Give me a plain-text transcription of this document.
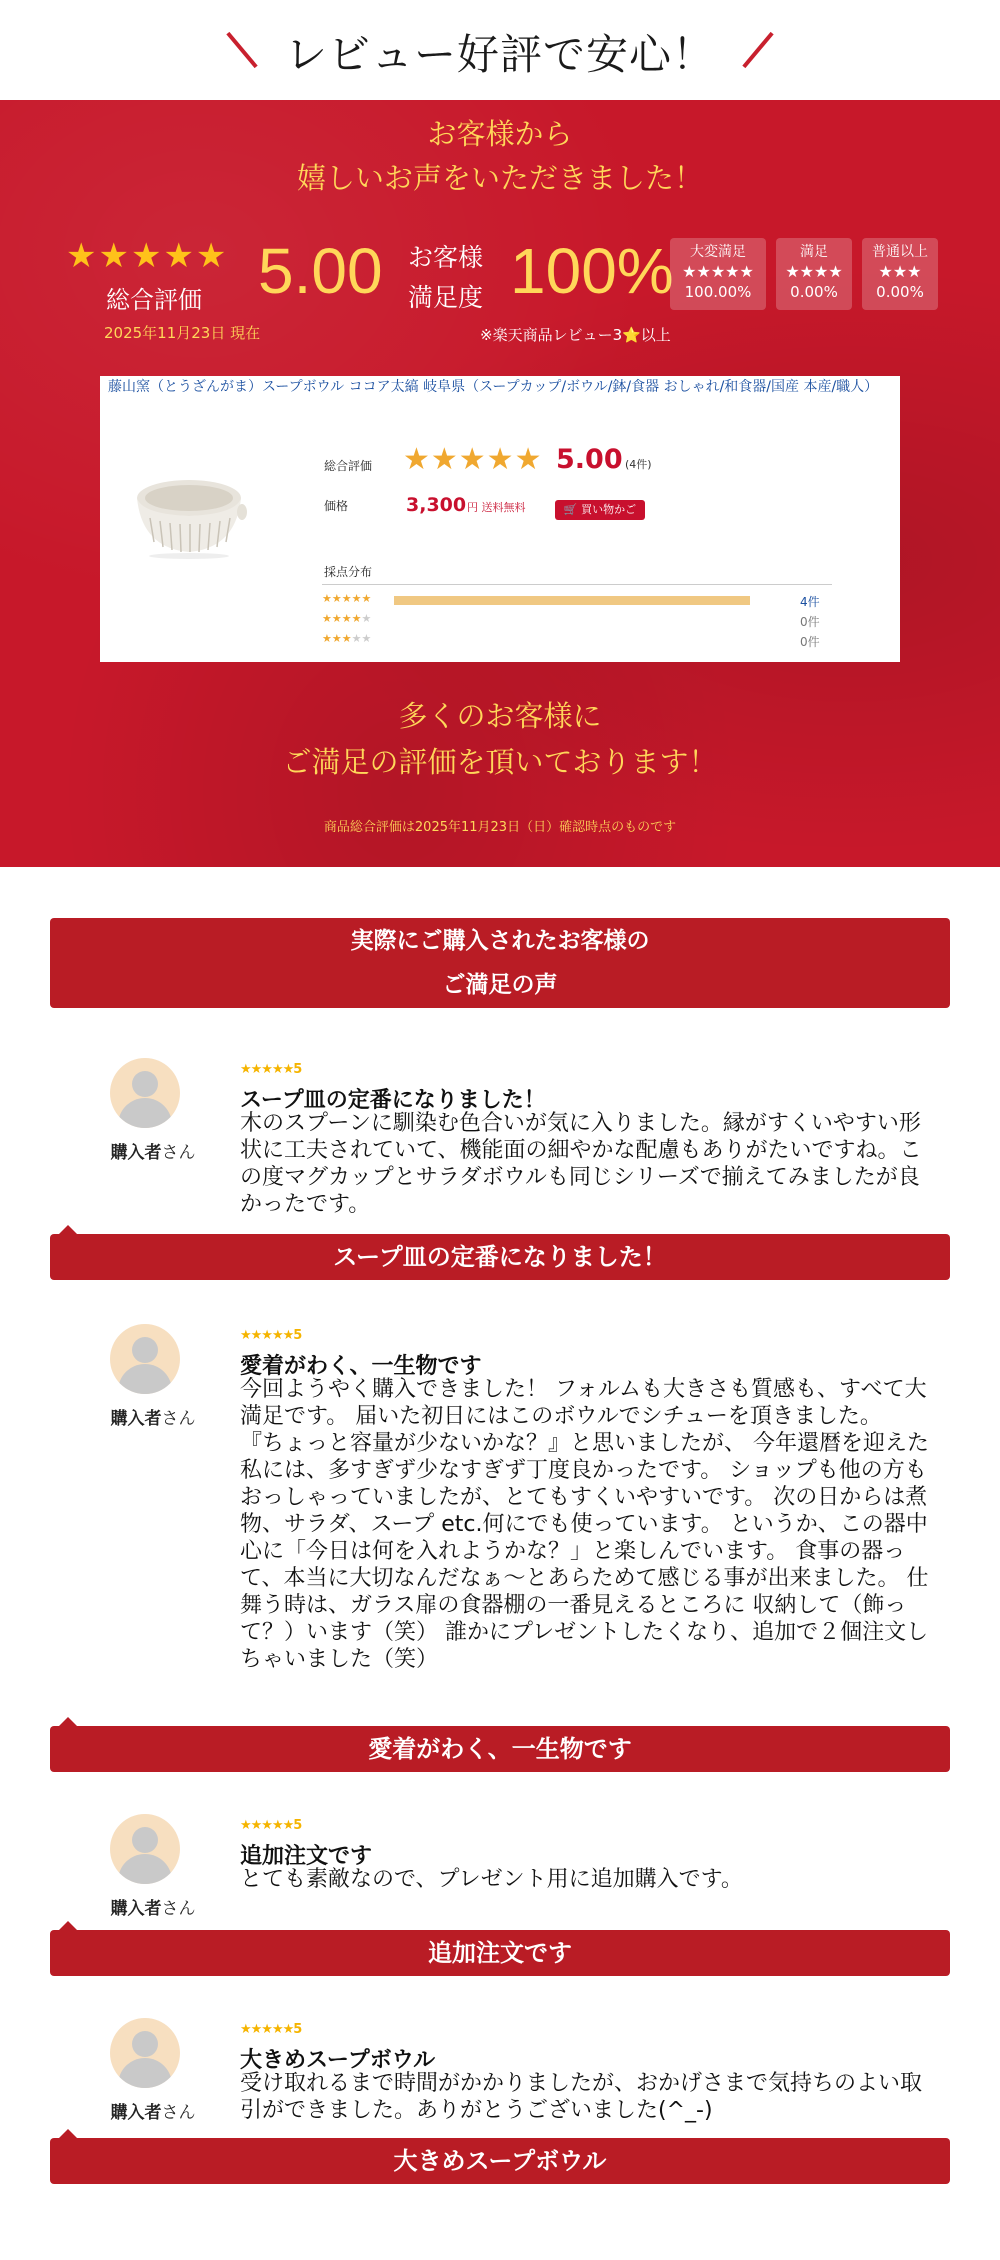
レビュー好評で安心！
お客様から
嬉しいお声をいただきました！
★★★★★
総合評価
2025年11月23日 現在
5.00 お客様
満足度 100%
※楽天商品レビュー3⭐以上
大変満足
★★★★★
100.00%
満足
★★★★
0.00%
普通以上
★★★
0.00%
藤山窯（とうざんがま）スープボウル ココア太縞 岐阜県（スープカップ/ボウル/鉢/食器 おしゃれ/和食器/国産 本産/職人）
総合評価 ★★★★★ 5.00 (4件)
価格	3,300 円 送料無料	🛒 買い物かご
採点分布
★★★★★	4件
★★★★★	0件
★★★★★	0件
多くのお客様に
ご満足の評価を頂いております！
商品総合評価は2025年11月23日（日）確認時点のものです
実際にご購入されたお客様の
ご満足の声
購入者さん
★★★★★5
スープ皿の定番になりました！
木のスプーンに馴染む色合いが気に入りました。縁がすくいやすい形状に工夫されていて、機能面の細やかな配慮もありがたいですね。この度マグカップとサラダボウルも同じシリーズで揃えてみましたが良かったです。
スープ皿の定番になりました！
購入者さん
★★★★★5
愛着がわく、一生物です
今回ようやく購入できました！ フォルムも大きさも質感も、すべて大満足です。 届いた初日にはこのボウルでシチューを頂きました。 『ちょっと容量が少ないかな？』と思いましたが、 今年還暦を迎えた私には、多すぎず少なすぎず丁度良かったです。 ショップも他の方もおっしゃっていましたが、とてもすくいやすいです。 次の日からは煮物、サラダ、スープ etc.何にでも使っています。 というか、この器中心に「今日は何を入れようかな？」と楽しんでいます。 食事の器って、本当に大切なんだなぁ～とあらためて感じる事が出来ました。 仕舞う時は、ガラス扉の食器棚の一番見えるところに 収納して（飾って？）います（笑） 誰かにプレゼントしたくなり、追加で２個注文しちゃいました（笑）
愛着がわく、一生物です
購入者さん
★★★★★5
追加注文です
とても素敵なので、プレゼント用に追加購入です。
追加注文です
購入者さん
★★★★★5
大きめスープボウル
受け取れるまで時間がかかりましたが、おかげさまで気持ちのよい取引ができました。ありがとうございました(^_-)
大きめスープボウル
